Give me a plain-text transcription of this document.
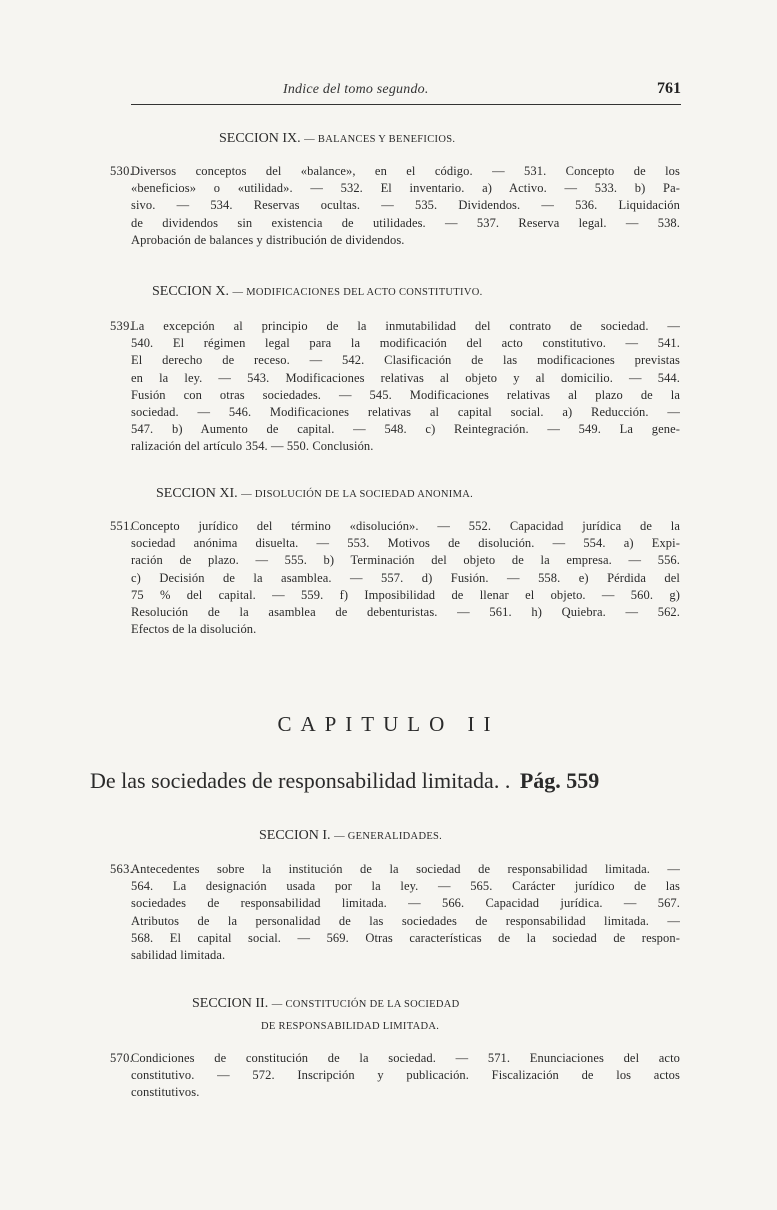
Indice del tomo segundo.	761
SECCION IX. — BALANCES Y BENEFICIOS.
530.
Diversos conceptos del «balance», en el código. — 531. Concepto de los
«beneficios» o «utilidad». — 532. El inventario. a) Activo. — 533. b) Pa-
sivo. — 534. Reservas ocultas. — 535. Dividendos. — 536. Liquidación
de dividendos sin existencia de utilidades. — 537. Reserva legal. — 538.
Aprobación de balances y distribución de dividendos.
SECCION X. — MODIFICACIONES DEL ACTO CONSTITUTIVO.
539.
La excepción al principio de la inmutabilidad del contrato de sociedad. —
540. El régimen legal para la modificación del acto constitutivo. — 541.
El derecho de receso. — 542. Clasificación de las modificaciones previstas
en la ley. — 543. Modificaciones relativas al objeto y al domicilio. — 544.
Fusión con otras sociedades. — 545. Modificaciones relativas al plazo de la
sociedad. — 546. Modificaciones relativas al capital social. a) Reducción. —
547. b) Aumento de capital. — 548. c) Reintegración. — 549. La gene-
ralización del artículo 354. — 550. Conclusión.
SECCION XI. — DISOLUCIÓN DE LA SOCIEDAD ANONIMA.
551.
Concepto jurídico del término «disolución». — 552. Capacidad jurídica de la
sociedad anónima disuelta. — 553. Motivos de disolución. — 554. a) Expi-
ración de plazo. — 555. b) Terminación del objeto de la empresa. — 556.
c) Decisión de la asamblea. — 557. d) Fusión. — 558. e) Pérdida del
75 % del capital. — 559. f) Imposibilidad de llenar el objeto. — 560. g)
Resolución de la asamblea de debenturistas. — 561. h) Quiebra. — 562.
Efectos de la disolución.
CAPITULO II
De las sociedades de responsabilidad limitada. . Pág. 559
SECCION I. — GENERALIDADES.
563.
Antecedentes sobre la institución de la sociedad de responsabilidad limitada. —
564. La designación usada por la ley. — 565. Carácter jurídico de las
sociedades de responsabilidad limitada. — 566. Capacidad jurídica. — 567.
Atributos de la personalidad de las sociedades de responsabilidad limitada. —
568. El capital social. — 569. Otras características de la sociedad de respon-
sabilidad limitada.
SECCION II. — CONSTITUCIÓN DE LA SOCIEDAD
DE RESPONSABILIDAD LIMITADA.
570.
Condiciones de constitución de la sociedad. — 571. Enunciaciones del acto
constitutivo. — 572. Inscripción y publicación. Fiscalización de los actos
constitutivos.
